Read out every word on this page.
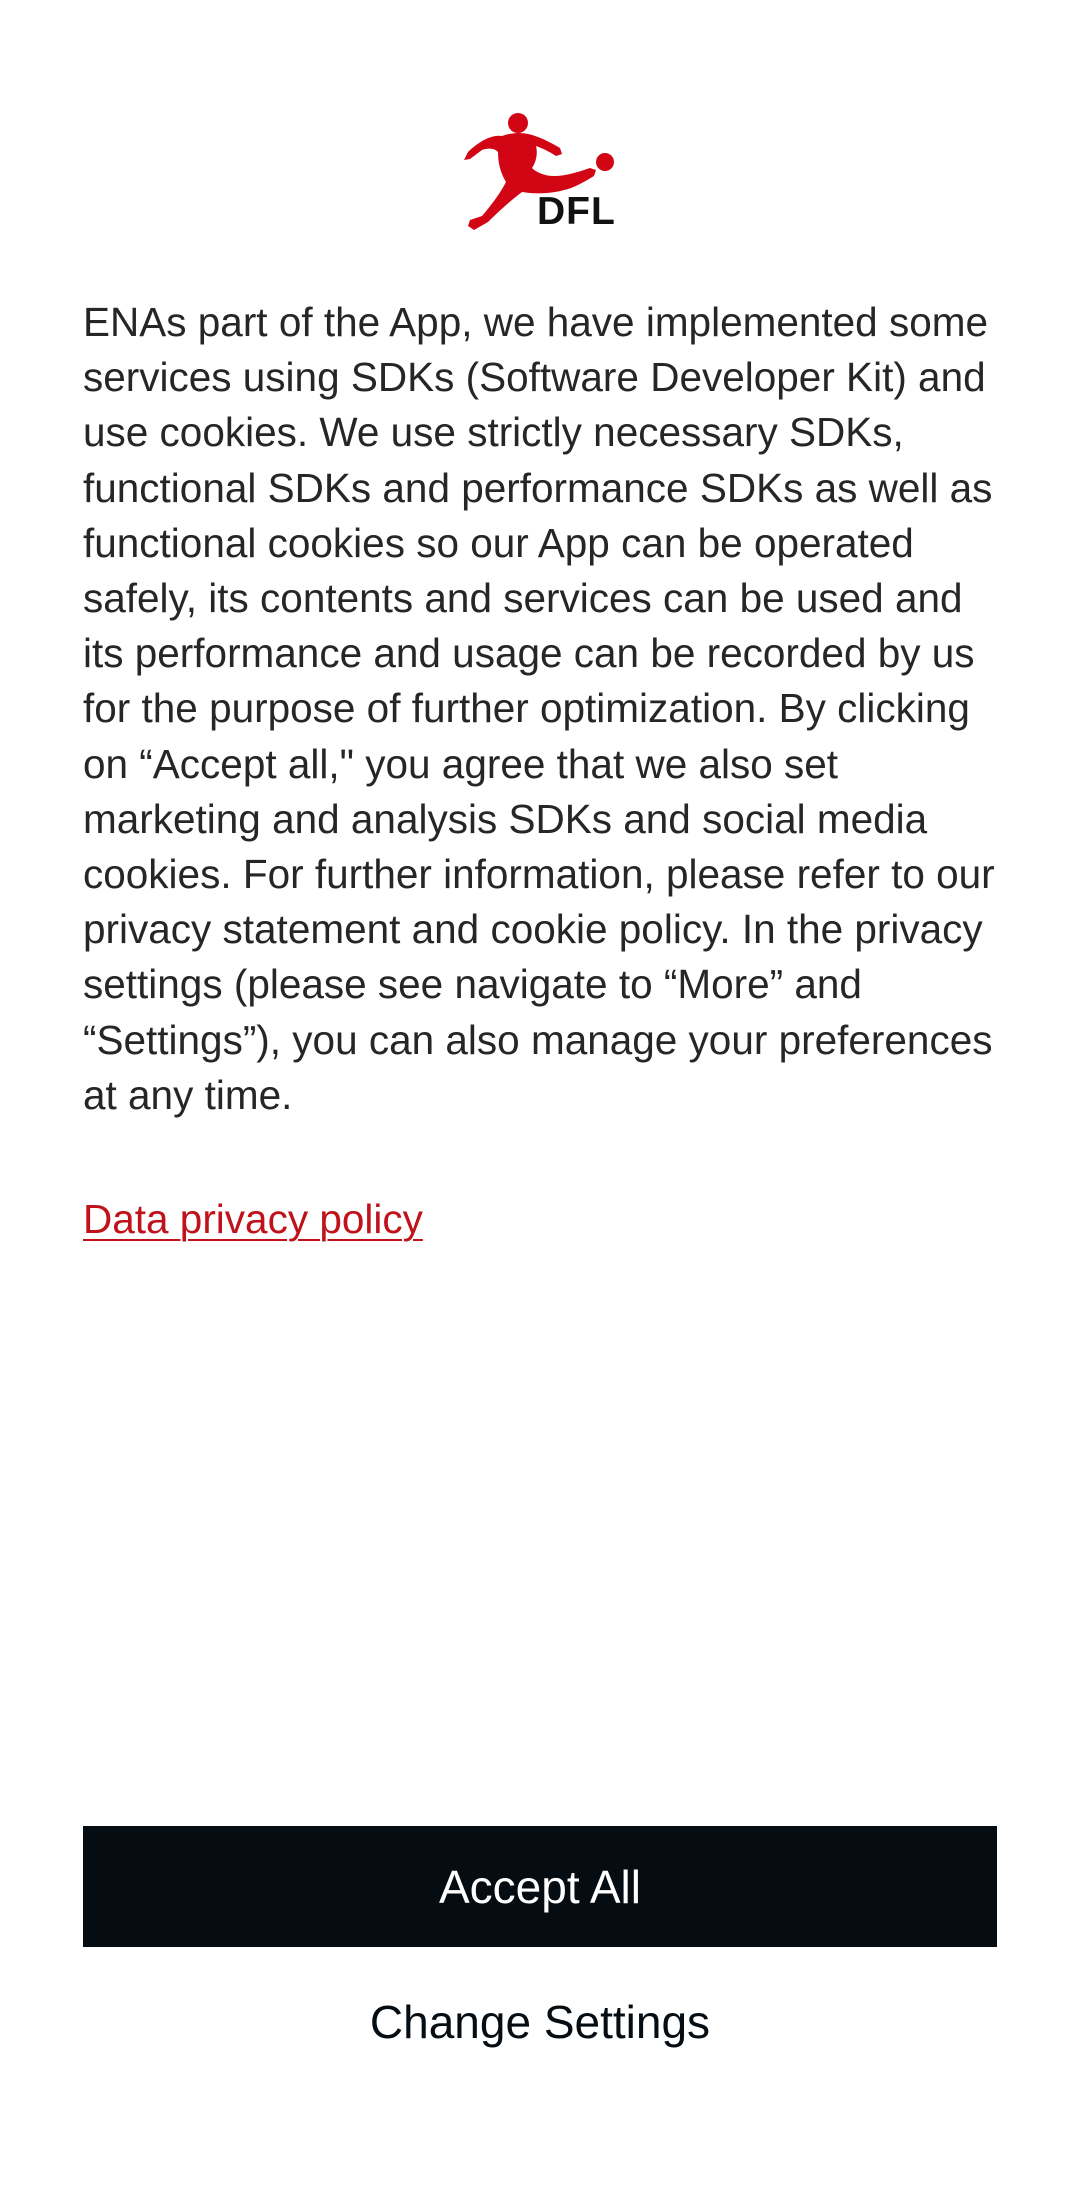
DFL

ENAs part of the App, we have implemented some services using SDKs (Software Developer Kit) and use cookies. We use strictly necessary SDKs, functional SDKs and performance SDKs as well as functional cookies so our App can be operated safely, its contents and services can be used and its performance and usage can be recorded by us for the purpose of further optimization. By clicking on “Accept all," you agree that we also set marketing and analysis SDKs and social media cookies. For further information, please refer to our privacy statement and cookie policy. In the privacy settings (please see navigate to “More” and “Settings”), you can also manage your preferences at any time.

Data privacy policy
Accept All
Change Settings
